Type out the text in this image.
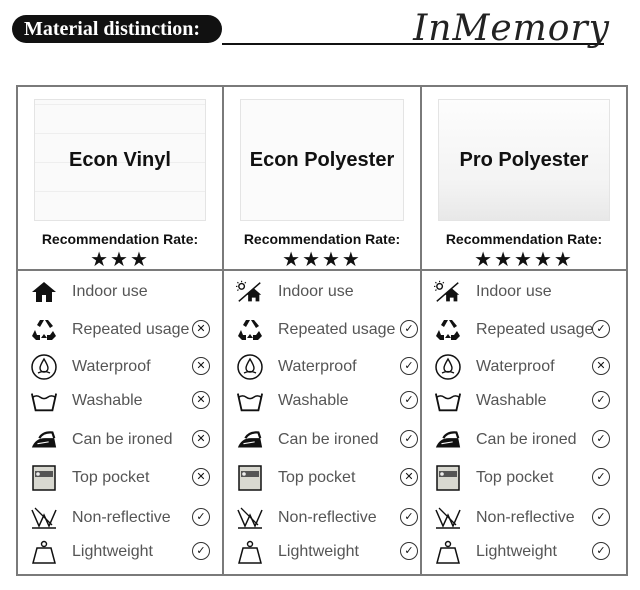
Material distinction:	InMemory
Econ Vinyl
Recommendation Rate:
★★★
Indoor use
Repeated usage ✕
Waterproof	✕
Washable	✕
Can be ironed	✕
Top pocket	✕
Non-reflective	✓
Lightweight	✓
Econ Polyester
Recommendation Rate:
★★★★
Indoor use
Repeated usage ✓
Waterproof	✓
Washable	✓
Can be ironed	✓
Top pocket	✕
Non-reflective	✓
Lightweight	✓
Pro Polyester
Recommendation Rate:
★★★★★
Indoor use
Repeated usage ✓
Waterproof	✕
Washable	✓
Can be ironed	✓
Top pocket	✓
Non-reflective	✓
Lightweight	✓
